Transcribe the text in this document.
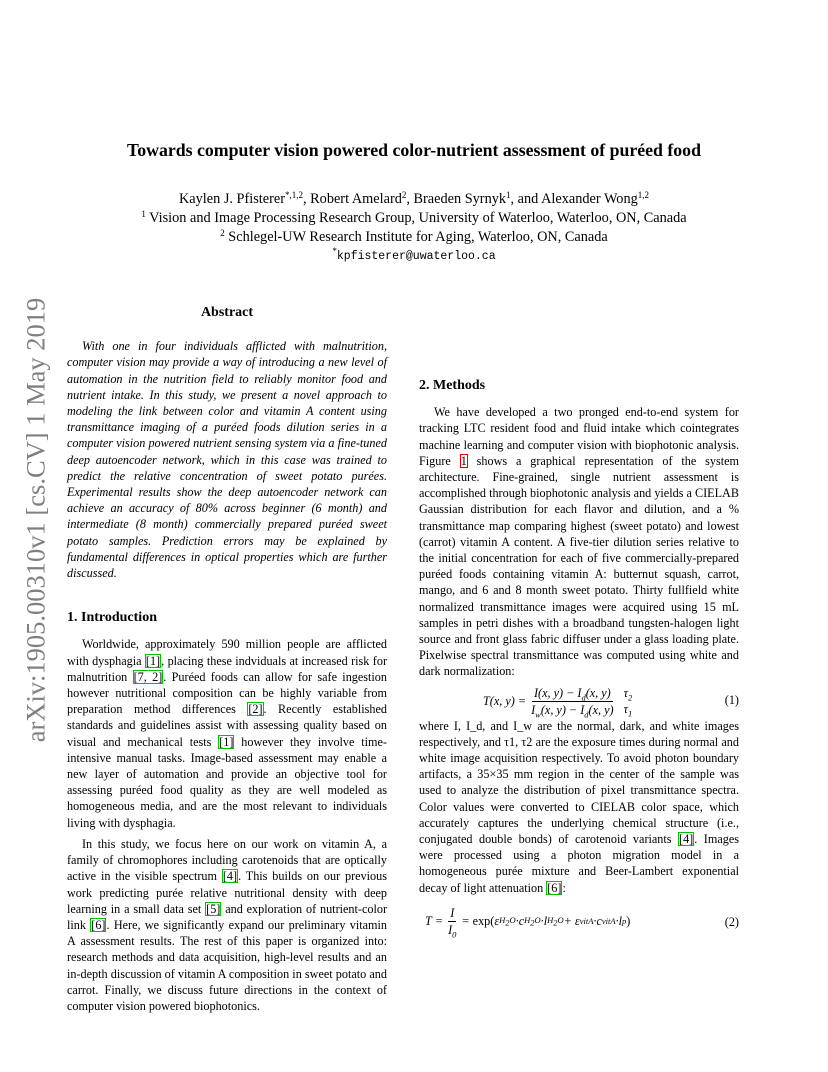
arXiv:1905.00310v1 [cs.CV] 1 May 2019
Towards computer vision powered color-nutrient assessment of puréed food
Kaylen J. Pfisterer$^{*,1,2}$, Robert Amelard$^2$, Braeden Syrnyk$^1$, and Alexander Wong$^{1,2}$
$^1$ Vision and Image Processing Research Group, University of Waterloo, Waterloo, ON, Canada
$^2$ Schlegel-UW Research Institute for Aging, Waterloo, ON, Canada
*kpfisterer@uwaterloo.ca
Abstract

With one in four individuals afflicted with malnutrition, computer vision may provide a way of introducing a new level of automation in the nutrition field to reliably monitor food and nutrient intake. In this study, we present a novel approach to modeling the link between color and vitamin A content using transmittance imaging of a puréed foods dilution series in a computer vision powered nutrient sensing system via a fine-tuned deep autoencoder network, which in this case was trained to predict the relative concentration of sweet potato purées. Experimental results show the deep autoencoder network can achieve an accuracy of 80% across beginner (6 month) and intermediate (8 month) commercially prepared puréed sweet potato samples. Prediction errors may be explained by fundamental differences in optical properties which are further discussed.

1. Introduction

Worldwide, approximately 590 million people are afflicted with dysphagia [1], placing these indviduals at increased risk for malnutrition [7, 2]. Puréed foods can allow for safe ingestion however nutritional composition can be highly variable from preparation method differences [2]. Recently established standards and guidelines assist with assessing quality based on visual and mechanical tests [1] however they involve time-intensive manual tasks. Image-based assessment may enable a new layer of automation and provide an objective tool for assessing puréed food quality as they are well modeled as homogeneous media, and are the most relevant to individuals living with dysphagia.

In this study, we focus here on our work on vitamin A, a family of chromophores including carotenoids that are optically active in the visible spectrum [4]. This builds on our previous work predicting purée relative nutritional density with deep learning in a small data set [5] and exploration of nutrient-color link [6]. Here, we significantly expand our preliminary vitamin A assessment results. The rest of this paper is organized into: research methods and data acquisition, high-level results and an in-depth discussion of vitamin A composition in sweet potato and carrot. Finally, we discuss future directions in the context of computer vision powered biophotonics.

2. Methods

We have developed a two pronged end-to-end system for tracking LTC resident food and fluid intake which cointegrates machine learning and computer vision with biophotonic analysis. Figure 1 shows a graphical representation of the system architecture. Fine-grained, single nutrient assessment is accomplished through biophotonic analysis and yields a CIELAB Gaussian distribution for each flavor and dilution, and a % transmittance map comparing highest (sweet potato) and lowest (carrot) vitamin A content. A five-tier dilution series relative to the initial concentration for each of five commercially-prepared puréed foods containing vitamin A: butternut squash, carrot, mango, and 6 and 8 month sweet potato. Thirty fullfield white normalized transmittance images were acquired using 15 mL samples in petri dishes with a broadband tungsten-halogen light source and front glass fabric diffuser under a glass loading plate. Pixelwise spectral transmittance was computed using white and dark normalization:

T ( x, y ) = $\frac{I(x, y) - I_d(x, y)}{I_w(x, y) - I_d(x, y)} \tau_2$
$\tau_1$
(1)

where I, I_d, and I_w are the normal, dark, and white images respectively, and τ1, τ2 are the exposure times during normal and white image acquisition respectively. To avoid photon boundary artifacts, a 35×35 mm region in the center of the sample was used to analyze the distribution of pixel transmittance spectra. Color values were converted to CIELAB color space, which accurately captures the underlying chemical structure (i.e., conjugated double bonds) of carotenoid variants [4]. Images were processed using a photon migration model in a homogeneous purée mixture and Beer-Lambert exponential decay of light attenuation [6]:

$T = \frac{I}{I_0} = \exp$( ε $H_2O \cdot c$ $H_2O \cdot l$ $H_2O + \varepsilon$ vitA ·c vitA ·l p )	(2)
